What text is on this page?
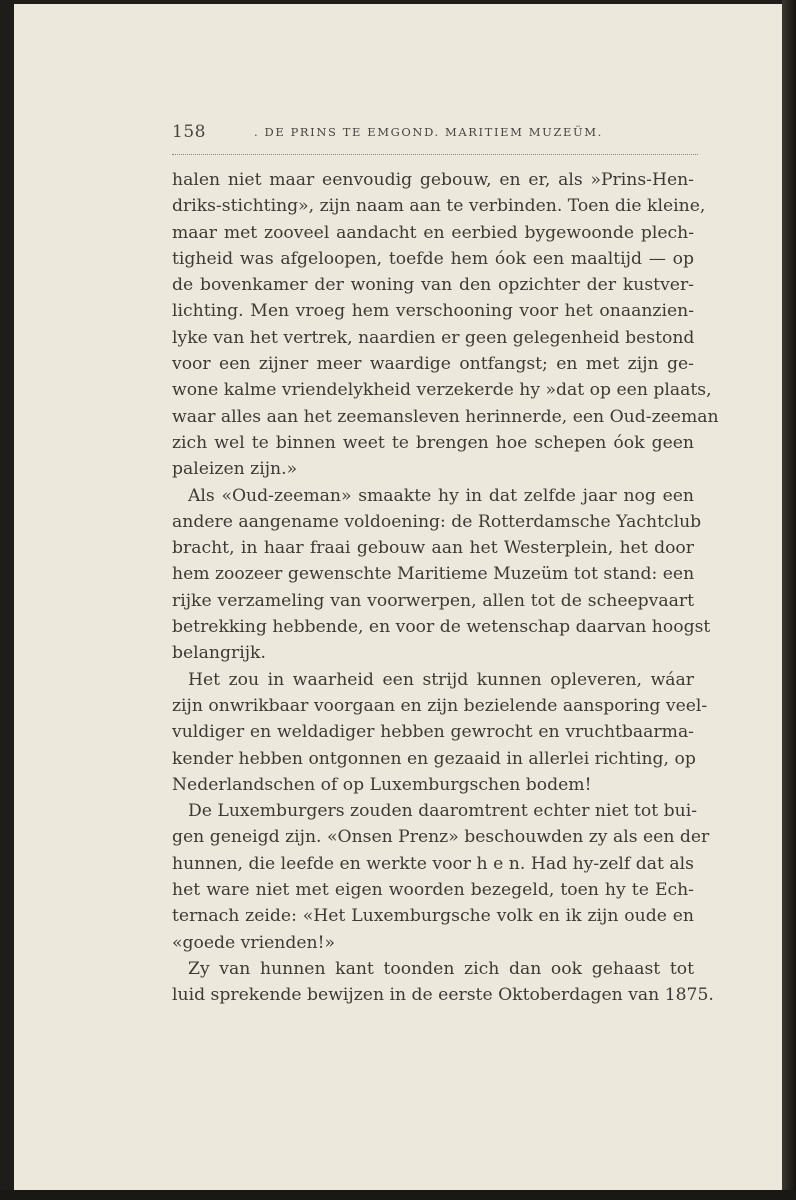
158	. DE PRINS TE EMGOND. MARITIEM MUZEÜM.
halen niet maar eenvoudig gebouw, en er, als »Prins-Hen-
driks-stichting», zijn naam aan te verbinden. Toen die kleine,
maar met zooveel aandacht en eerbied bygewoonde plech-
tigheid was afgeloopen, toefde hem óok een maaltijd — op
de bovenkamer der woning van den opzichter der kustver-
lichting. Men vroeg hem verschooning voor het onaanzien-
lyke van het vertrek, naardien er geen gelegenheid bestond
voor een zijner meer waardige ontfangst; en met zijn ge-
wone kalme vriendelykheid verzekerde hy »dat op een plaats,
waar alles aan het zeemansleven herinnerde, een Oud-zeeman
zich wel te binnen weet te brengen hoe schepen óok geen
paleizen zijn.»
Als «Oud-zeeman» smaakte hy in dat zelfde jaar nog een
andere aangename voldoening: de Rotterdamsche Yachtclub
bracht, in haar fraai gebouw aan het Westerplein, het door
hem zoozeer gewenschte Maritieme Muzeüm tot stand: een
rijke verzameling van voorwerpen, allen tot de scheepvaart
betrekking hebbende, en voor de wetenschap daarvan hoogst
belangrijk.
Het zou in waarheid een strijd kunnen opleveren, wáar
zijn onwrikbaar voorgaan en zijn bezielende aansporing veel-
vuldiger en weldadiger hebben gewrocht en vruchtbaarma-
kender hebben ontgonnen en gezaaid in allerlei richting, op
Nederlandschen of op Luxemburgschen bodem!
De Luxemburgers zouden daaromtrent echter niet tot bui-
gen geneigd zijn. «Onsen Prenz» beschouwden zy als een der
hunnen, die leefde en werkte voor h e n. Had hy-zelf dat als
het ware niet met eigen woorden bezegeld, toen hy te Ech-
ternach zeide: «Het Luxemburgsche volk en ik zijn oude en
«goede vrienden!»
Zy van hunnen kant toonden zich dan ook gehaast tot
luid sprekende bewijzen in de eerste Oktoberdagen van 1875.
